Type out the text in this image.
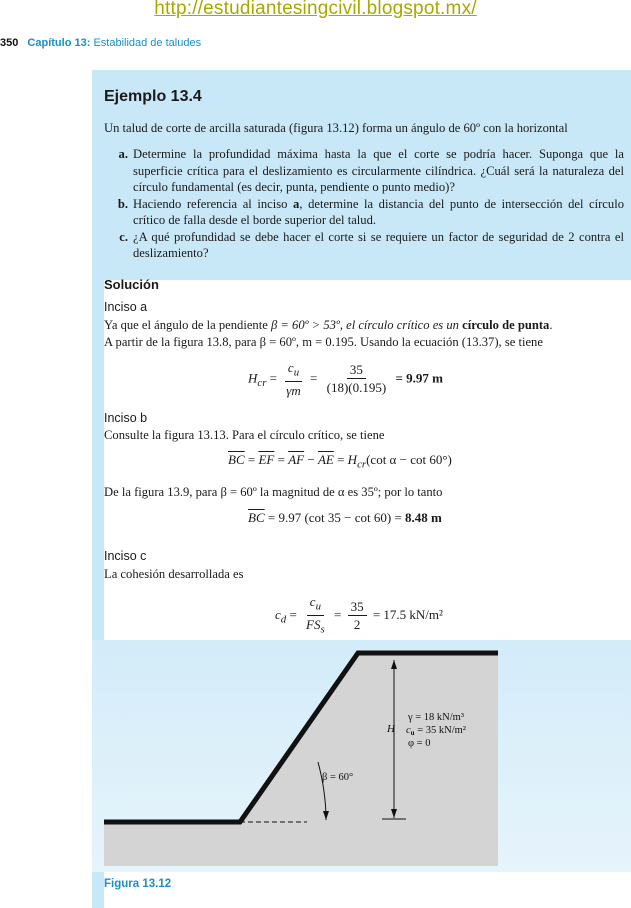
http://estudiantesingcivil.blogspot.mx/
350 Capítulo 13: Estabilidad de taludes
Ejemplo 13.4
Un talud de corte de arcilla saturada (figura 13.12) forma un ángulo de 60º con la horizontal
a. Determine la profundidad máxima hasta la que el corte se podría hacer. Suponga que la superficie crítica para el deslizamiento es circularmente cilíndrica. ¿Cuál será la naturaleza del círculo fundamental (es decir, punta, pendiente o punto medio)?
b. Haciendo referencia al inciso a, determine la distancia del punto de intersección del círculo crítico de falla desde el borde superior del talud.
c. ¿A qué profundidad se debe hacer el corte si se requiere un factor de seguridad de 2 contra el deslizamiento?
Solución
Inciso a
Ya que el ángulo de la pendiente β = 60º > 53º, el círculo crítico es un círculo de punta.
A partir de la figura 13.8, para β = 60º, m = 0.195. Usando la ecuación (13.37), se tiene
$H_{cr} = \frac{c_u}{\gamma m} = \frac{35}{(18)(0.195)} = 9.97$ m
Inciso b
Consulte la figura 13.13. Para el círculo crítico, se tiene
$\overline{BC} = \overline{EF} = \overline{AF} - \overline{AE} = H_{cr}(\cot$ α − cot 60°)
De la figura 13.9, para β = 60º la magnitud de α es 35º; por lo tanto
$\overline{BC} = 9.97$ (cot 35 − cot 60) = 8.48 m
Inciso c
La cohesión desarrollada es
$c_d = \frac{c_u}{FS_s} = \frac{35}{2} = 17.5$ kN/m²
H
γ = 18 kN/m³
cu = 35 kN/m²
φ = 0
β = 60°
Figura 13.12
